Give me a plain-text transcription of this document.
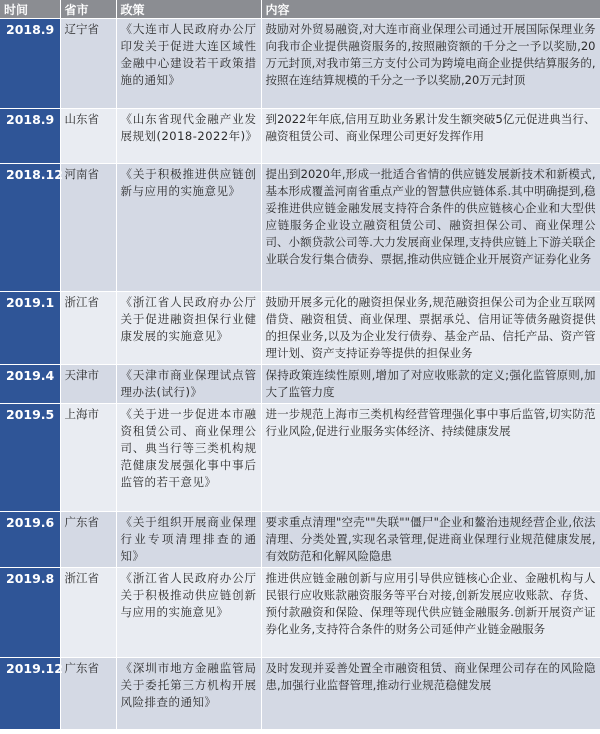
时间	省市	政策	内容
2018.9	辽宁省	《大连市人民政府办公厅印发关于促进大连区域性金融中心建设若干政策措施的通知》	鼓励对外贸易融资,对大连市商业保理公司通过开展国际保理业务向我市企业提供融资服务的,按照融资额的千分之一予以奖励,20万元封顶,对我市第三方支付公司为跨境电商企业提供结算服务的,按照在连结算规模的千分之一予以奖励,20万元封顶
2018.9	山东省	《山东省现代金融产业发展规划(2018-2022年)》	到2022年年底,信用互助业务累计发生额突破5亿元促进典当行、融资租赁公司、商业保理公司更好发挥作用
2018.12	河南省	《关于积极推进供应链创新与应用的实施意见》	提出到2020年,形成一批适合省情的供应链发展新技术和新模式,基本形成覆盖河南省重点产业的智慧供应链体系.其中明确提到,稳妥推进供应链金融发展支持符合条件的供应链核心企业和大型供应链服务企业设立融资租赁公司、融资担保公司、商业保理公司、小额贷款公司等.大力发展商业保理,支持供应链上下游关联企业联合发行集合债券、票据,推动供应链企业开展资产证券化业务
2019.1	浙江省	《浙江省人民政府办公厅关于促进融资担保行业健康发展的实施意见》	鼓励开展多元化的融资担保业务,规范融资担保公司为企业互联网借贷、融资租赁、商业保理、票据承兑、信用证等债务融资提供的担保业务,以及为企业发行债券、基金产品、信托产品、资产管理计划、资产支持证券等提供的担保业务
2019.4	天津市	《天津市商业保理试点管理办法(试行)》	保持政策连续性原则,增加了对应收账款的定义;强化监管原则,加大了监管力度
2019.5	上海市	《关于进一步促进本市融资租赁公司、商业保理公司、典当行等三类机构规范健康发展强化事中事后监管的若干意见》	进一步规范上海市三类机构经营管理强化事中事后监管,切实防范行业风险,促进行业服务实体经济、持续健康发展
2019.6	广东省	《关于组织开展商业保理行业专项清理排查的通知》	要求重点清理"空壳""失联""僵尸"企业和鳌治违规经营企业,依法清理、分类处置,实现名录管理,促进商业保理行业规范健康发展,有效防范和化解风险隐患
2019.8	浙江省	《浙江省人民政府办公厅关于积极推动供应链创新与应用的实施意见》	推进供应链金融创新与应用引导供应链核心企业、金融机构与人民银行应收账款融资服务等平台对接,创新发展应收账款、存货、预付款融资和保险、保理等现代供应链金融服务.创新开展资产证券化业务,支持符合条件的财务公司延伸产业链金融服务
2019.12	广东省	《深圳市地方金融监管局关于委托第三方机构开展风险排查的通知》	及时发现并妥善处置全市融资租赁、商业保理公司存在的风险隐患,加强行业监督管理,推动行业规范稳健发展
